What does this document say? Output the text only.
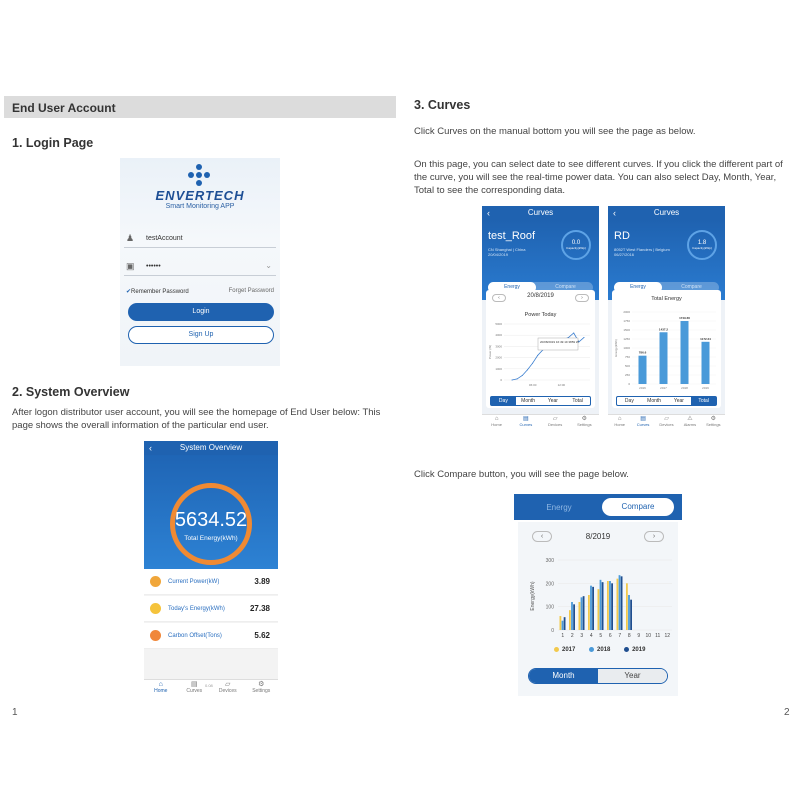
End User Account
1. Login Page
ENVERTECH
Smart Monitoring APP
♟ testAccount
▣ ••••••	⌄
✔Remember Password	Forget Password
Login
Sign Up
2. System Overview
After logon distributor user account, you will see the homepage of End User below: This page shows the overall information of the particular end user.
‹	System Overview
5634.52
Total Energy(kWh)
Current Power(kW)	3.89
Today's Energy(kWh)	27.38
Carbon Offset(Tons)	5.62
⌂
Home
▤
Curves
▱
Devices
⚙
Settings
0.08
1
3. Curves
Click Curves on the manual bottom you will see the page as below.
On this page, you can select date to see different curves. If you click the different part of the curve, you will see the real-time power data. You can also select Day, Month, Year, Total to see the corresponding data.
‹	Curves
test_Roof
CN Shanghai | China
20/04/2019
0.0
Capacity(kWp)
Energy	Compare
‹	20/8/2019	›
Power Today
0
1000
2000
3000
4000
5000
Power (W)
06:00	12:00
20/08/2019 16:49:19 3859 W
Day	Month	Year	Total
⌂
Home
▤
Curves
▱
Devices
⚙
Settings
‹	Curves
RD
8052T West Flanders | Belgium
06/27/2016
1.8
Capacity(kWp)
Energy	Compare
Total Energy
0
250
500
750
1000
1250
1500
1750
2000
Energy(kWh)	786.6
2016
1437.2
2017
1749.66
2018
1172.24
2019
Day	Month	Year	Total
⌂
Home
▤
Curves
▱
Devices
⚠
Alarms
⚙
Settings
Click Compare button, you will see the page below.
Energy	Compare
‹	8/2019	›
0
100
200
300
Energy(kWh)
1 2 3 4 5 6 7 8 9 10 11 12
2017	2018	2019
Month	Year
2
